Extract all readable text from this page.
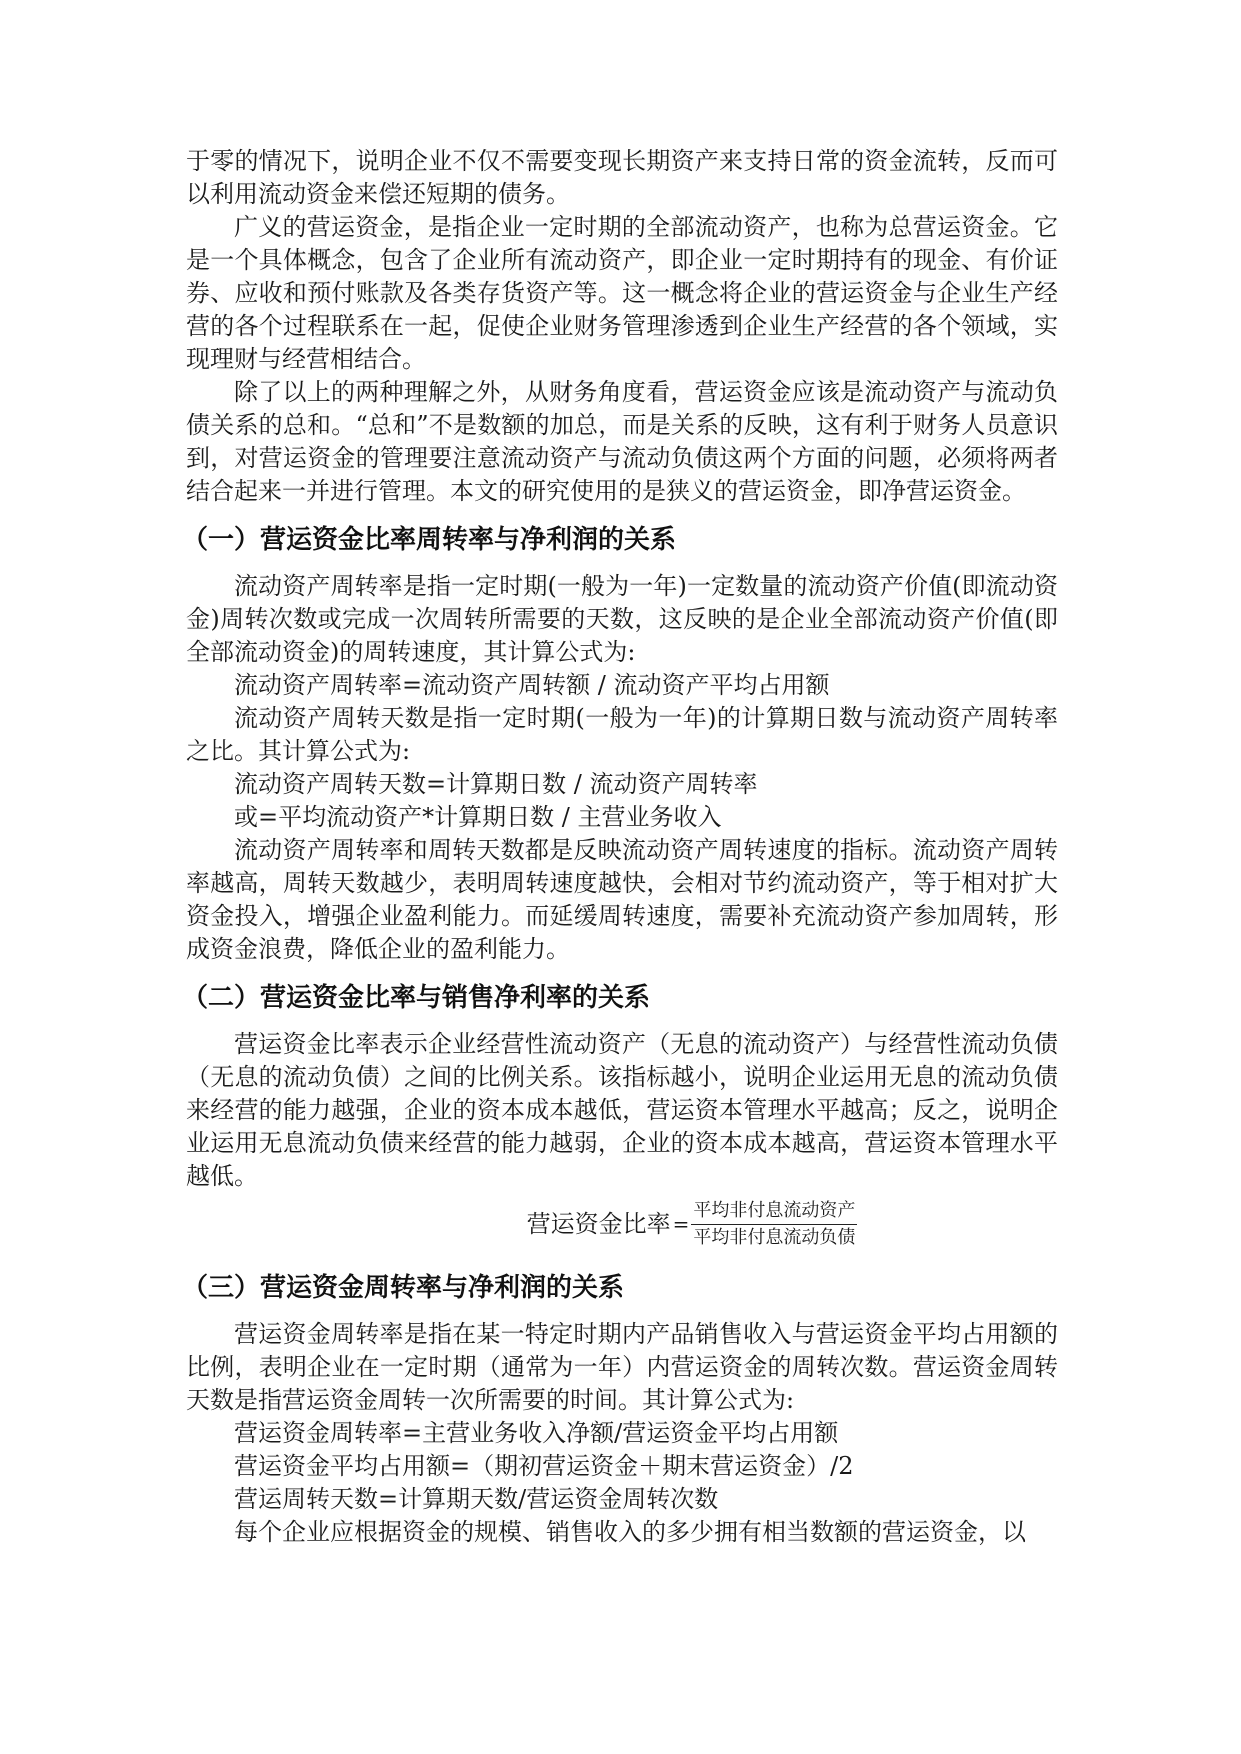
于零的情况下，说明企业不仅不需要变现长期资产来支持日常的资金流转，反而可以利用流动资金来偿还短期的债务。

广义的营运资金，是指企业一定时期的全部流动资产，也称为总营运资金。它是一个具体概念，包含了企业所有流动资产，即企业一定时期持有的现金、有价证券、应收和预付账款及各类存货资产等。这一概念将企业的营运资金与企业生产经营的各个过程联系在一起，促使企业财务管理渗透到企业生产经营的各个领域，实现理财与经营相结合。

除了以上的两种理解之外，从财务角度看，营运资金应该是流动资产与流动负债关系的总和。“总和”不是数额的加总，而是关系的反映，这有利于财务人员意识到，对营运资金的管理要注意流动资产与流动负债这两个方面的问题，必须将两者结合起来一并进行管理。本文的研究使用的是狭义的营运资金，即净营运资金。

（一）营运资金比率周转率与净利润的关系

流动资产周转率是指一定时期(一般为一年)一定数量的流动资产价值(即流动资金)周转次数或完成一次周转所需要的天数，这反映的是企业全部流动资产价值(即全部流动资金)的周转速度，其计算公式为:

流动资产周转率=流动资产周转额 / 流动资产平均占用额

流动资产周转天数是指一定时期(一般为一年)的计算期日数与流动资产周转率之比。其计算公式为:

流动资产周转天数=计算期日数 / 流动资产周转率

或=平均流动资产*计算期日数 / 主营业务收入

流动资产周转率和周转天数都是反映流动资产周转速度的指标。流动资产周转率越高，周转天数越少，表明周转速度越快，会相对节约流动资产，等于相对扩大资金投入，增强企业盈利能力。而延缓周转速度，需要补充流动资产参加周转，形成资金浪费，降低企业的盈利能力。

（二）营运资金比率与销售净利率的关系

营运资金比率表示企业经营性流动资产（无息的流动资产）与经营性流动负债（无息的流动负债）之间的比例关系。该指标越小，说明企业运用无息的流动负债来经营的能力越强，企业的资本成本越低，营运资本管理水平越高；反之，说明企业运用无息流动负债来经营的能力越弱，企业的资本成本越高，营运资本管理水平越低。

营运资金比率 = $\frac{\text{平均非付息流动资产}}{\text{平均非付息流动负债}}$
（三）营运资金周转率与净利润的关系

营运资金周转率是指在某一特定时期内产品销售收入与营运资金平均占用额的比例，表明企业在一定时期（通常为一年）内营运资金的周转次数。营运资金周转天数是指营运资金周转一次所需要的时间。其计算公式为:

营运资金周转率=主营业务收入净额/营运资金平均占用额

营运资金平均占用额=（期初营运资金＋期末营运资金）/2

营运周转天数=计算期天数/营运资金周转次数

每个企业应根据资金的规模、销售收入的多少拥有相当数额的营运资金，以
